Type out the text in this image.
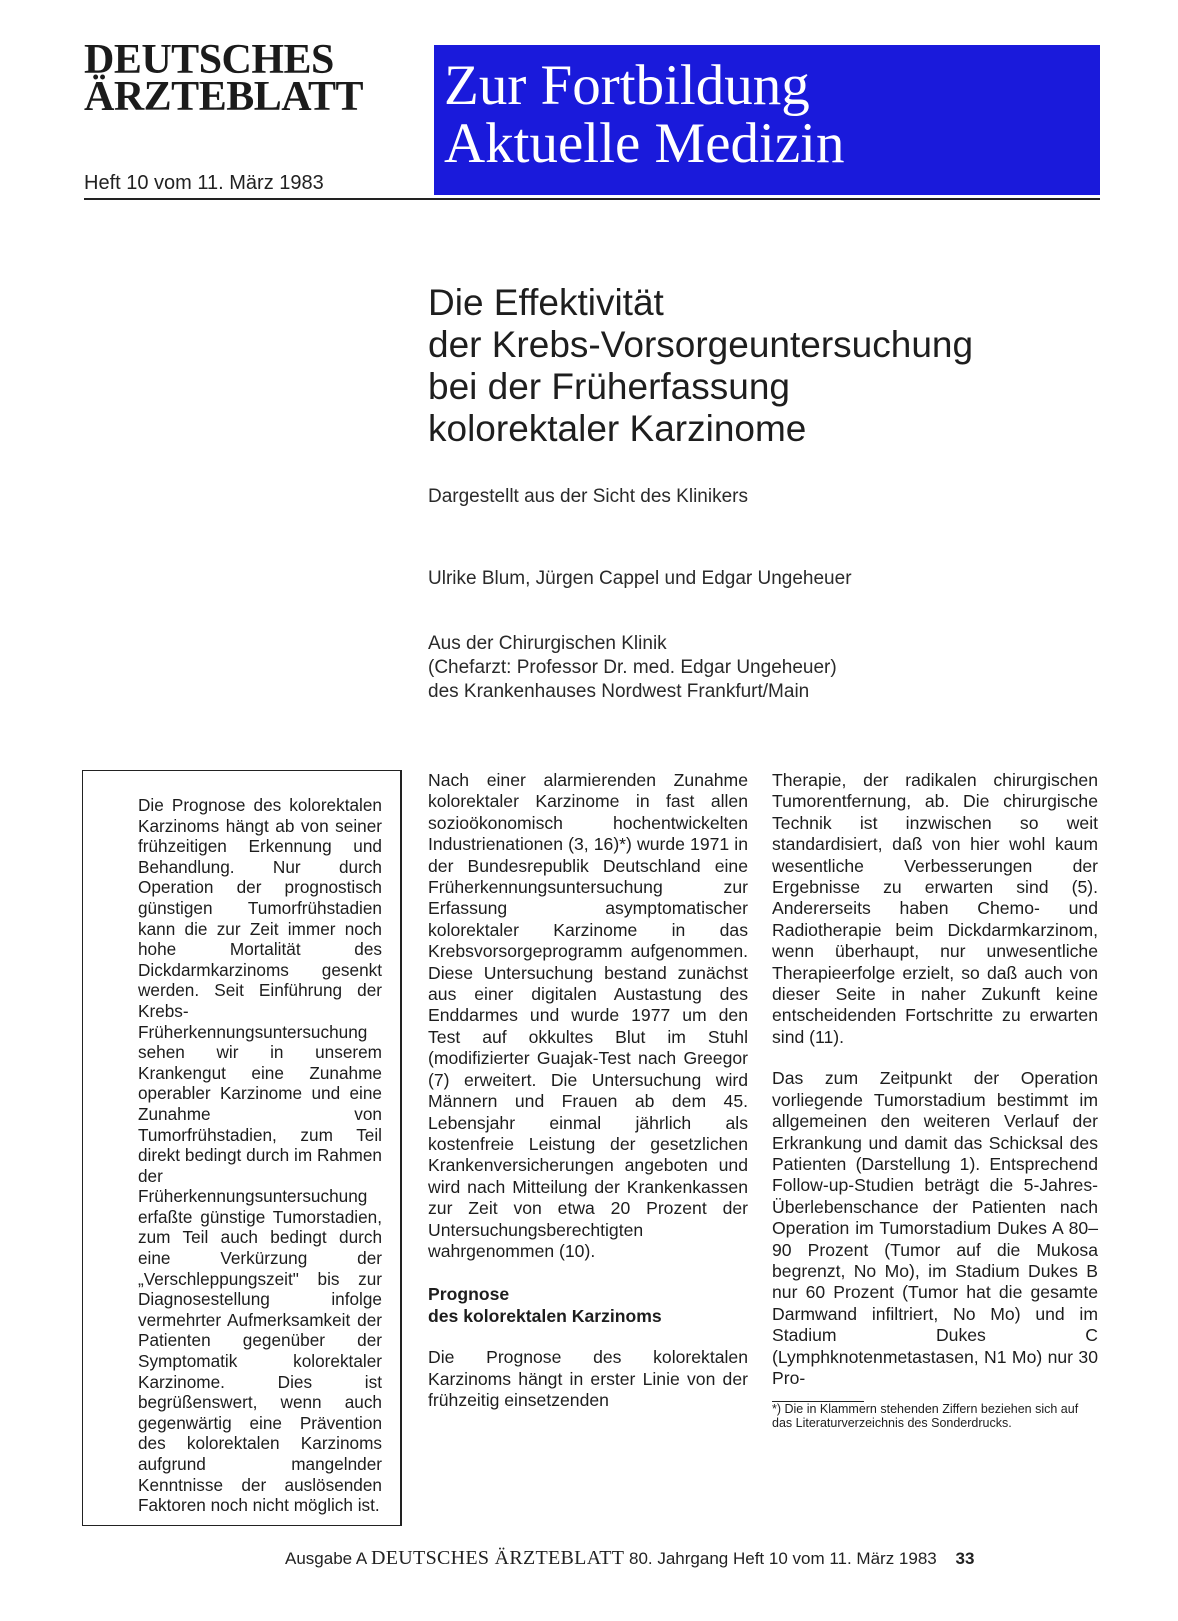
DEUTSCHES
ÄRZTEBLATT
Heft 10 vom 11. März 1983
Zur Fortbildung
Aktuelle Medizin
Die Effektivität
der Krebs-Vorsorgeuntersuchung
bei der Früherfassung
kolorektaler Karzinome
Dargestellt aus der Sicht des Klinikers
Ulrike Blum, Jürgen Cappel und Edgar Ungeheuer
Aus der Chirurgischen Klinik
(Chefarzt: Professor Dr. med. Edgar Ungeheuer)
des Krankenhauses Nordwest Frankfurt/Main
Die Prognose des kolorektalen Karzinoms hängt ab von seiner frühzeitigen Erkennung und Behandlung. Nur durch Operation der prognostisch günstigen Tumorfrühstadien kann die zur Zeit immer noch hohe Mortalität des Dickdarmkarzinoms gesenkt werden. Seit Einführung der Krebs-Früherkennungsuntersuchung sehen wir in unserem Krankengut eine Zunahme operabler Karzinome und eine Zunahme von Tumorfrühstadien, zum Teil direkt bedingt durch im Rahmen der Früherkennungsuntersuchung erfaßte günstige Tumorstadien, zum Teil auch bedingt durch eine Verkürzung der „Verschleppungszeit" bis zur Diagnosestellung infolge vermehrter Aufmerksamkeit der Patienten gegenüber der Symptomatik kolorektaler Karzinome. Dies ist begrüßenswert, wenn auch gegenwärtig eine Prävention des kolorektalen Karzinoms aufgrund mangelnder Kenntnisse der auslösenden Faktoren noch nicht möglich ist.

Nach einer alarmierenden Zunahme kolorektaler Karzinome in fast allen sozioökonomisch hochentwickelten Industrienationen (3, 16)*) wurde 1971 in der Bundesrepublik Deutschland eine Früherkennungsuntersuchung zur Erfassung asymptomatischer kolorektaler Karzinome in das Krebsvorsorgeprogramm aufgenommen. Diese Untersuchung bestand zunächst aus einer digitalen Austastung des Enddarmes und wurde 1977 um den Test auf okkultes Blut im Stuhl (modifizierter Guajak-Test nach Greegor (7) erweitert. Die Untersuchung wird Männern und Frauen ab dem 45. Lebensjahr einmal jährlich als kostenfreie Leistung der gesetzlichen Krankenversicherungen angeboten und wird nach Mitteilung der Krankenkassen zur Zeit von etwa 20 Prozent der Untersuchungsberechtigten wahrgenommen (10).

Prognose
des kolorektalen Karzinoms

Die Prognose des kolorektalen Karzinoms hängt in erster Linie von der frühzeitig einsetzenden

Therapie, der radikalen chirurgischen Tumorentfernung, ab. Die chirurgische Technik ist inzwischen so weit standardisiert, daß von hier wohl kaum wesentliche Verbesserungen der Ergebnisse zu erwarten sind (5). Andererseits haben Chemo- und Radiotherapie beim Dickdarmkarzinom, wenn überhaupt, nur unwesentliche Therapieerfolge erzielt, so daß auch von dieser Seite in naher Zukunft keine entscheidenden Fortschritte zu erwarten sind (11).

Das zum Zeitpunkt der Operation vorliegende Tumorstadium bestimmt im allgemeinen den weiteren Verlauf der Erkrankung und damit das Schicksal des Patienten (Darstellung 1). Entsprechend Follow-up-Studien beträgt die 5-Jahres-Überlebenschance der Patienten nach Operation im Tumorstadium Dukes A 80–90 Prozent (Tumor auf die Mukosa begrenzt, No Mo), im Stadium Dukes B nur 60 Prozent (Tumor hat die gesamte Darmwand infiltriert, No Mo) und im Stadium Dukes C (Lymphknotenmetastasen, N1 Mo) nur 30 Pro-

*) Die in Klammern stehenden Ziffern beziehen sich auf das Literaturverzeichnis des Sonderdrucks.

Ausgabe A DEUTSCHES ÄRZTEBLATT 80. Jahrgang Heft 10 vom 11. März 1983 33
